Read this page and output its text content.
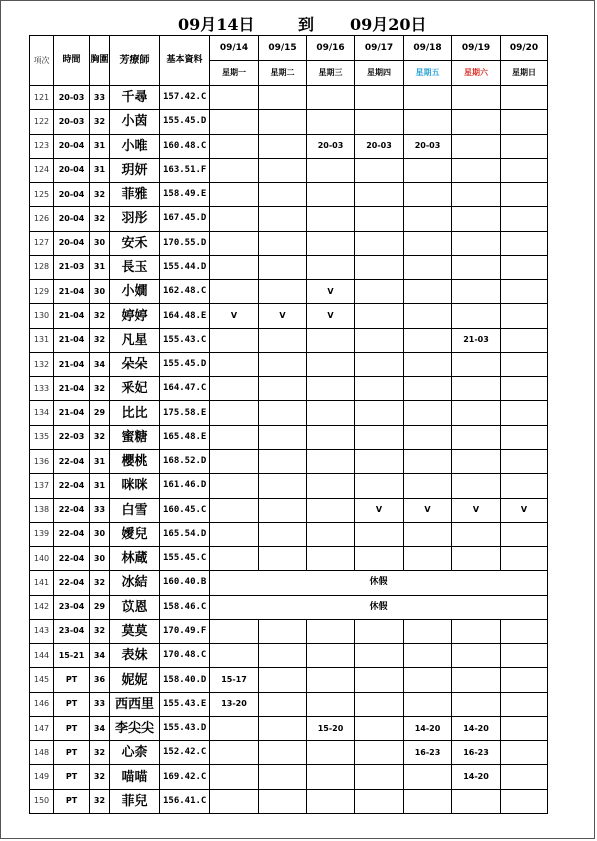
09月14日	到 09月20日
項次	時間	胸圍	芳療師	基本資料	09/14	09/15	09/16	09/17	09/18	09/19	09/20
					星期一	星期二	星期三	星期四	星期五	星期六	星期日
121	20-03	33	千尋	157.42.C							
122	20-03	32	小茵	155.45.D							
123	20-04	31	小唯	160.48.C			20-03	20-03	20-03		
124	20-04	31	玥妍	163.51.F							
125	20-04	32	菲雅	158.49.E							
126	20-04	32	羽彤	167.45.D							
127	20-04	30	安禾	170.55.D							
128	21-03	31	長玉	155.44.D							
129	21-04	30	小嫺	162.48.C			V				
130	21-04	32	婷婷	164.48.E	V	V	V				
131	21-04	32	凡星	155.43.C						21-03	
132	21-04	34	朵朵	155.45.D							
133	21-04	32	釆妃	164.47.C							
134	21-04	29	比比	175.58.E							
135	22-03	32	蜜糖	165.48.E							
136	22-04	31	櫻桃	168.52.D							
137	22-04	31	咪咪	161.46.D							
138	22-04	33	白雪	160.45.C				V	V	V	V
139	22-04	30	嬡兒	165.54.D							
140	22-04	30	林蔵	155.45.C							
141	22-04	32	冰結	160.40.B	休假						
142	23-04	29	苡恩	158.46.C	休假						
143	23-04	32	莫莫	170.49.F							
144	15-21	34	表妹	170.48.C							
145	PT	36	妮妮	158.40.D	15-17						
146	PT	33	西西里	155.43.E	13-20						
147	PT	34	李尖尖	155.43.D			15-20		14-20	14-20	
148	PT	32	心柰	152.42.C					16-23	16-23	
149	PT	32	喵喵	169.42.C						14-20	
150	PT	32	菲兒	156.41.C							
